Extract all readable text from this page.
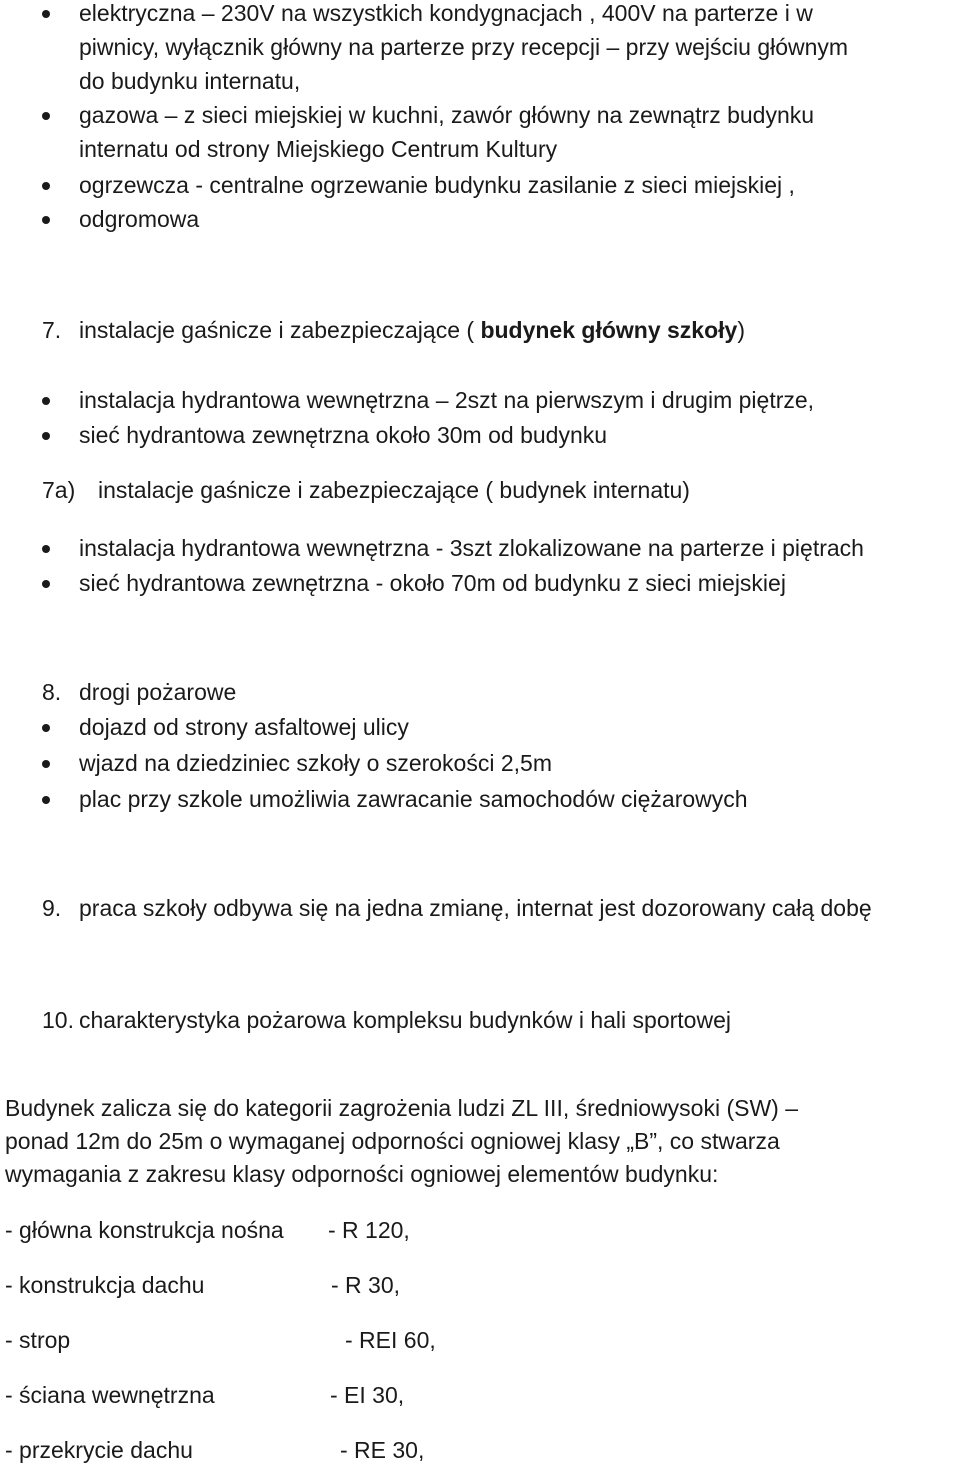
elektryczna – 230V na wszystkich kondygnacjach , 400V na parterze i w
piwnicy, wyłącznik główny na parterze przy recepcji – przy wejściu głównym
do budynku internatu,
gazowa – z sieci miejskiej w kuchni, zawór główny na zewnątrz budynku
internatu od strony Miejskiego Centrum Kultury
ogrzewcza - centralne ogrzewanie budynku zasilanie z sieci miejskiej ,
odgromowa
7. instalacje gaśnicze i zabezpieczające ( budynek główny szkoły)
instalacja hydrantowa wewnętrzna – 2szt na pierwszym i drugim piętrze,
sieć hydrantowa zewnętrzna około 30m od budynku
7a) instalacje gaśnicze i zabezpieczające ( budynek internatu)
instalacja hydrantowa wewnętrzna - 3szt zlokalizowane na parterze i piętrach
sieć hydrantowa zewnętrzna - około 70m od budynku z sieci miejskiej
8. drogi pożarowe
dojazd od strony asfaltowej ulicy
wjazd na dziedziniec szkoły o szerokości 2,5m
plac przy szkole umożliwia zawracanie samochodów ciężarowych
9. praca szkoły odbywa się na jedna zmianę, internat jest dozorowany całą dobę
10. charakterystyka pożarowa kompleksu budynków i hali sportowej
Budynek zalicza się do kategorii zagrożenia ludzi ZL III, średniowysoki (SW) –
ponad 12m do 25m o wymaganej odporności ogniowej klasy „B”, co stwarza
wymagania z zakresu klasy odporności ogniowej elementów budynku:
- główna konstrukcja nośna - R 120,
- konstrukcja dachu	- R 30,
- strop	- REI 60,
- ściana wewnętrzna	- EI 30,
- przekrycie dachu	- RE 30,
